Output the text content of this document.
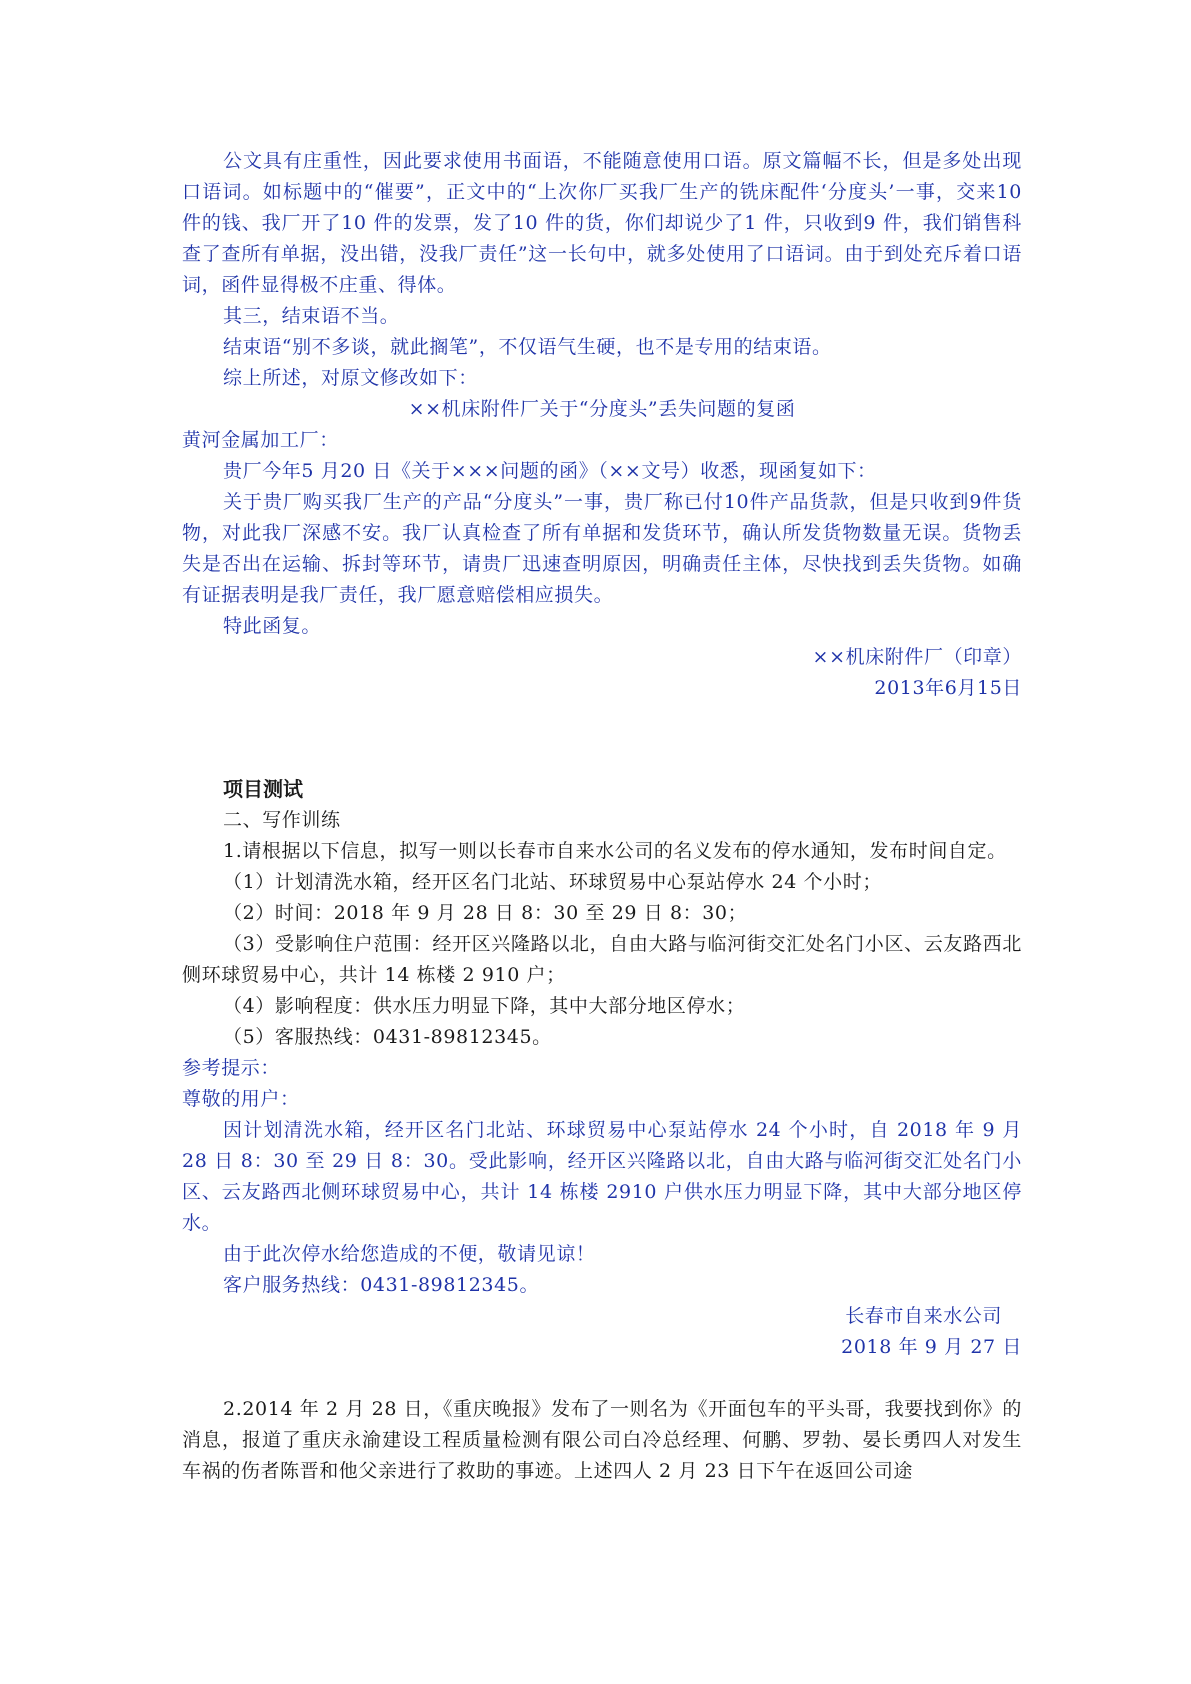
公文具有庄重性，因此要求使用书面语，不能随意使用口语。原文篇幅不长，但是多处出现口语词。如标题中的“催要”，正文中的“上次你厂买我厂生产的铣床配件‘分度头’一事，交来10 件的钱、我厂开了10 件的发票，发了10 件的货，你们却说少了1 件，只收到9 件，我们销售科查了查所有单据，没出错，没我厂责任”这一长句中，就多处使用了口语词。由于到处充斥着口语词，函件显得极不庄重、得体。

其三，结束语不当。

结束语“别不多谈，就此搁笔”，不仅语气生硬，也不是专用的结束语。

综上所述，对原文修改如下：

××机床附件厂关于“分度头”丢失问题的复函

黄河金属加工厂：

贵厂今年5 月20 日《关于×××问题的函》（××文号）收悉，现函复如下：

关于贵厂购买我厂生产的产品“分度头”一事，贵厂称已付10件产品货款，但是只收到9件货物，对此我厂深感不安。我厂认真检查了所有单据和发货环节，确认所发货物数量无误。货物丢失是否出在运输、拆封等环节，请贵厂迅速查明原因，明确责任主体，尽快找到丢失货物。如确有证据表明是我厂责任，我厂愿意赔偿相应损失。

特此函复。

××机床附件厂（印章）

2013年6月15日

项目测试

二、写作训练

1.请根据以下信息，拟写一则以长春市自来水公司的名义发布的停水通知，发布时间自定。

（1）计划清洗水箱，经开区名门北站、环球贸易中心泵站停水 24 个小时；

（2）时间：2018 年 9 月 28 日 8：30 至 29 日 8：30；

（3）受影响住户范围：经开区兴隆路以北，自由大路与临河街交汇处名门小区、云友路西北侧环球贸易中心，共计 14 栋楼 2 910 户；

（4）影响程度：供水压力明显下降，其中大部分地区停水；

（5）客服热线：0431-89812345。

参考提示：

尊敬的用户：

因计划清洗水箱，经开区名门北站、环球贸易中心泵站停水 24 个小时，自 2018 年 9 月 28 日 8：30 至 29 日 8：30。受此影响，经开区兴隆路以北，自由大路与临河街交汇处名门小区、云友路西北侧环球贸易中心，共计 14 栋楼 2910 户供水压力明显下降，其中大部分地区停水。

由于此次停水给您造成的不便，敬请见谅！

客户服务热线：0431-89812345。

长春市自来水公司

2018 年 9 月 27 日

2.2014 年 2 月 28 日，《重庆晚报》发布了一则名为《开面包车的平头哥，我要找到你》的消息，报道了重庆永渝建设工程质量检测有限公司白冷总经理、何鹏、罗勃、晏长勇四人对发生车祸的伤者陈晋和他父亲进行了救助的事迹。上述四人 2 月 23 日下午在返回公司途
